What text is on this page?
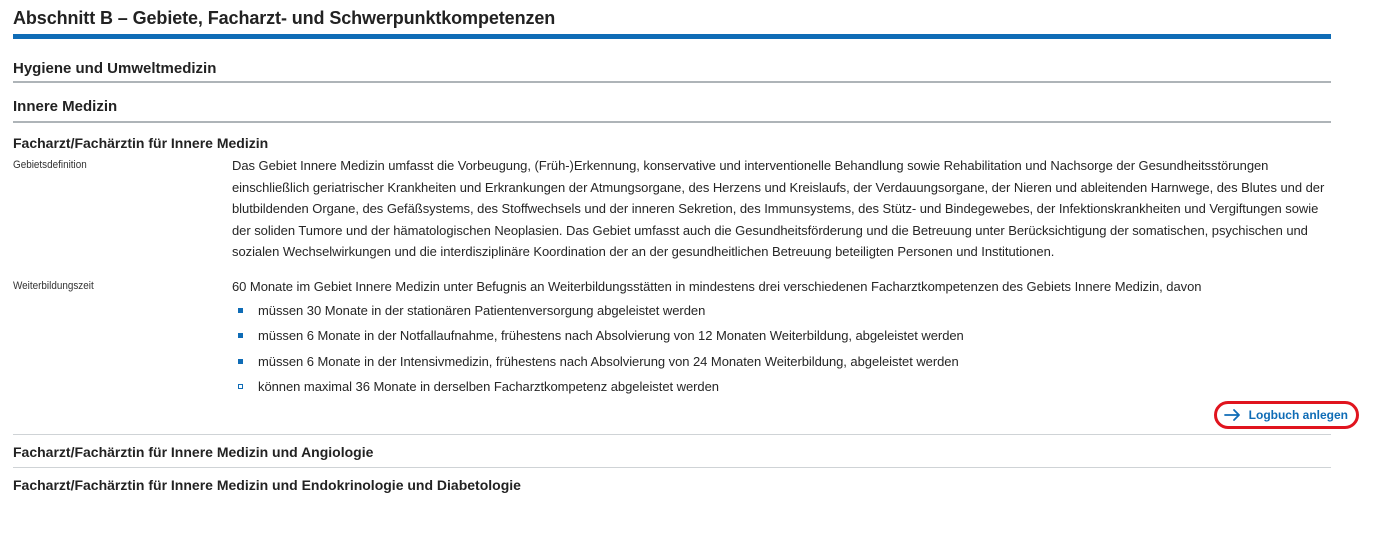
Abschnitt B – Gebiete, Facharzt- und Schwerpunktkompetenzen
Hygiene und Umweltmedizin
Innere Medizin
Facharzt/Fachärztin für Innere Medizin
Gebietsdefinition	Das Gebiet Innere Medizin umfasst die Vorbeugung, (Früh-)Erkennung, konservative und interventionelle Behandlung sowie Rehabilitation und Nachsorge der Gesundheitsstörungen einschließlich geriatrischer Krankheiten und Erkrankungen der Atmungsorgane, des Herzens und Kreislaufs, der Verdauungsorgane, der Nieren und ableitenden Harnwege, des Blutes und der blutbildenden Organe, des Gefäßsystems, des Stoffwechsels und der inneren Sekretion, des Immunsystems, des Stütz- und Bindegewebes, der Infektionskrankheiten und Vergiftungen sowie der soliden Tumore und der hämatologischen Neoplasien. Das Gebiet umfasst auch die Gesundheitsförderung und die Betreuung unter Berücksichtigung der somatischen, psychischen und sozialen Wechselwirkungen und die interdisziplinäre Koordination der an der gesundheitlichen Betreuung beteiligten Personen und Institutionen.
Weiterbildungszeit	60 Monate im Gebiet Innere Medizin unter Befugnis an Weiterbildungsstätten in mindestens drei verschiedenen Facharztkompetenzen des Gebiets Innere Medizin, davon
müssen 30 Monate in der stationären Patientenversorgung abgeleistet werden
müssen 6 Monate in der Notfallaufnahme, frühestens nach Absolvierung von 12 Monaten Weiterbildung, abgeleistet werden
müssen 6 Monate in der Intensivmedizin, frühestens nach Absolvierung von 24 Monaten Weiterbildung, abgeleistet werden
können maximal 36 Monate in derselben Facharztkompetenz abgeleistet werden
Logbuch anlegen
Facharzt/Fachärztin für Innere Medizin und Angiologie
Facharzt/Fachärztin für Innere Medizin und Endokrinologie und Diabetologie
